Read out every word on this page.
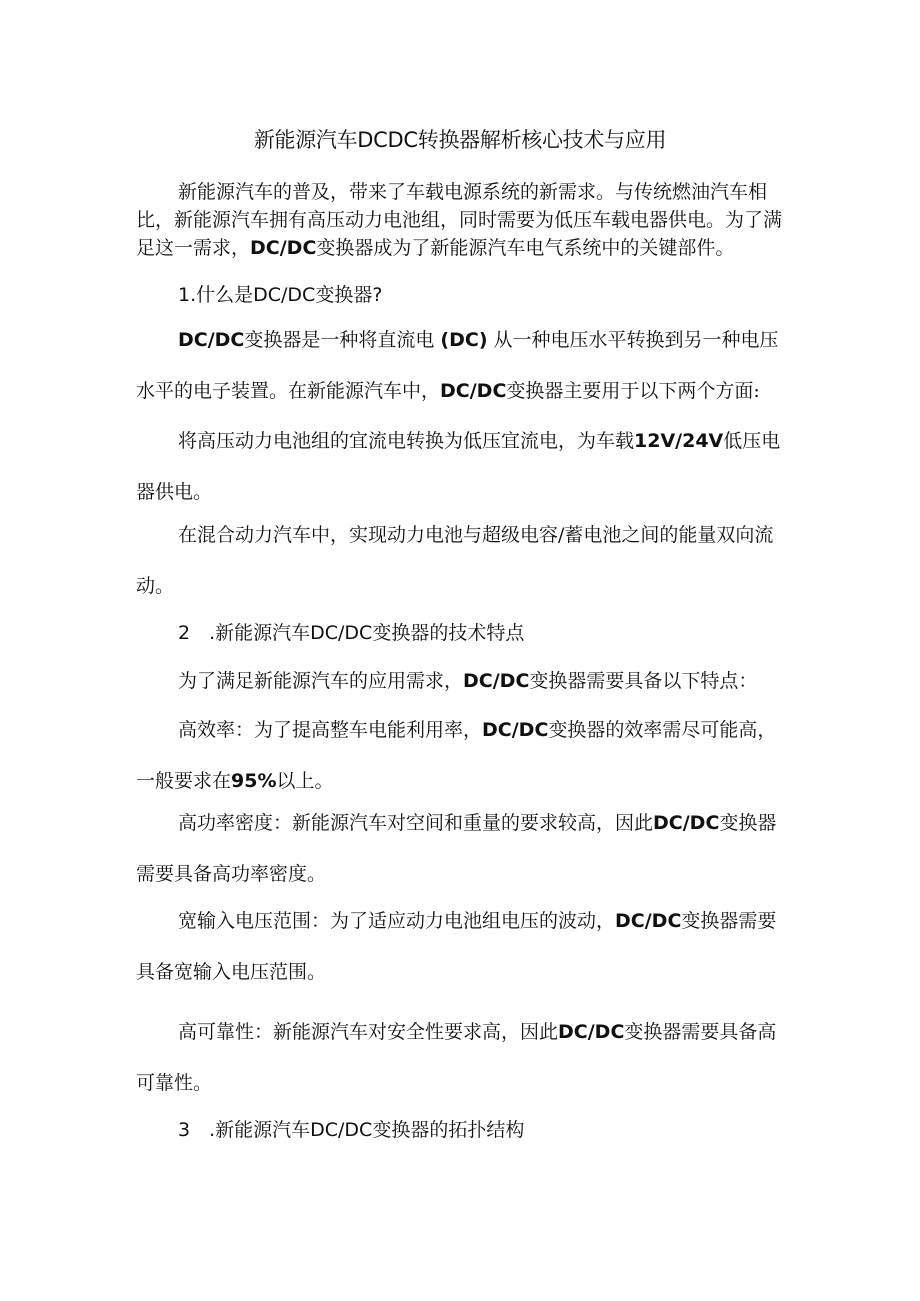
新能源汽车DCDC转换器解析核心技术与应用

新能源汽车的普及，带来了车载电源系统的新需求。与传统燃油汽车相比，新能源汽车拥有高压动力电池组，同时需要为低压车载电器供电。为了满足这一需求，DC/DC变换器成为了新能源汽车电气系统中的关键部件。

1.什么是DC/DC变换器?

DC/DC变换器是一种将直流电 (DC) 从一种电压水平转换到另一种电压水平的电子装置。在新能源汽车中，DC/DC变换器主要用于以下两个方面:

将高压动力电池组的宜流电转换为低压宜流电，为车载12V/24V低压电器供电。

在混合动力汽车中，实现动力电池与超级电容/蓄电池之间的能量双向流动。

2　.新能源汽车DC/DC变换器的技术特点

为了满足新能源汽车的应用需求，DC/DC变换器需要具备以下特点：

高效率：为了提高整车电能利用率，DC/DC变换器的效率需尽可能高，一般要求在95%以上。

高功率密度：新能源汽车对空间和重量的要求较高，因此DC/DC变换器需要具备高功率密度。

宽输入电压范围：为了适应动力电池组电压的波动，DC/DC变换器需要具备宽输入电压范围。

高可靠性：新能源汽车对安全性要求高，因此DC/DC变换器需要具备高可靠性。

3　.新能源汽车DC/DC变换器的拓扑结构
